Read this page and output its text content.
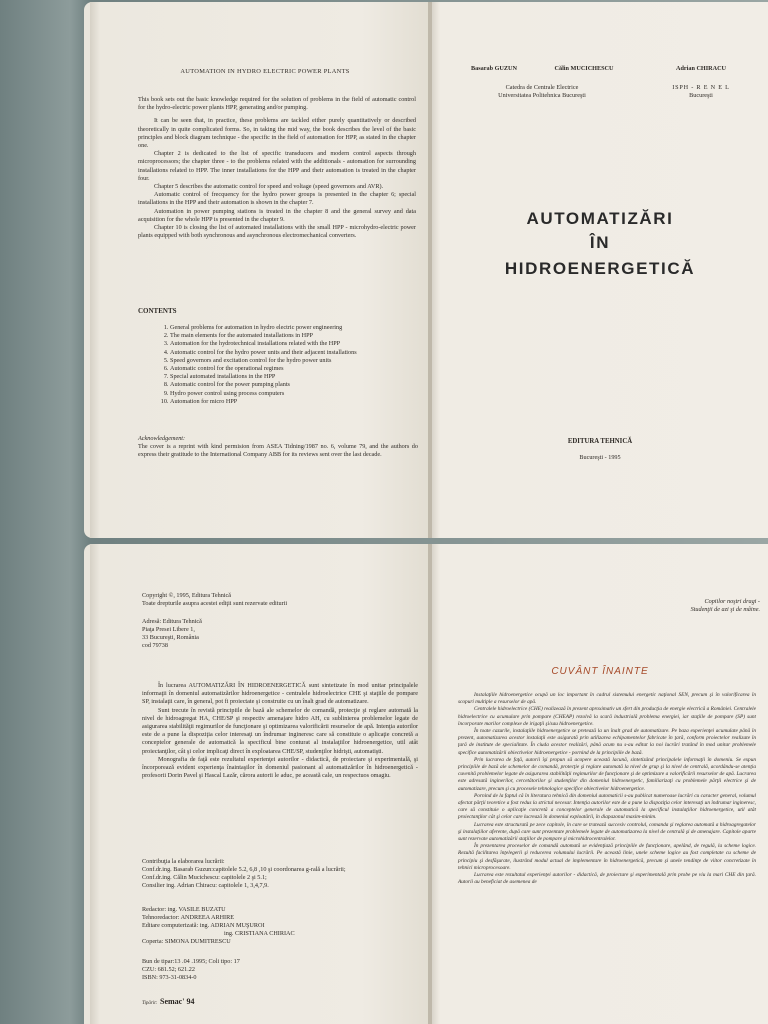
AUTOMATION IN HYDRO ELECTRIC POWER PLANTS

This book sets out the basic knowledge required for the solution of problems in the field of automatic control for the hydro-electric power plants HPP, generating and/or pumping.

It can be seen that, in practice, these problems are tackled either purely quantitatively or described theoretically in quite complicated forms. So, in taking the mid way, the book describes the level of the basic principles and block diagram technique - the specific in the field of automation for HPP, as stated in the chapter one.

Chapter 2 is dedicated to the list of specific transducers and modern control aspects through microprocessors; the chapter three - to the problems related with the additionals - automation for surrounding installations related to HPP. The inner installations for the HPP and their automation is treated in the chapter four.

Chapter 5 describes the automatic control for speed and voltage (speed governors and AVR).

Automatic control of frecquency for the hydro power groups is presented in the chapter 6; special installations in the HPP and their automation is shown in the chapter 7.

Automation in power pumping stations is treated in the chapter 8 and the general survey and data acquisition for the whole HPP is presented in the chapter 9.

Chapter 10 is closing the list of automated installations with the small HPP - microhydro-electric power plants equipped with both synchronous and asynchronous electromechanical converters.

CONTENTS
1. General problems for automation in hydro electric power engineering
2. The main elements for the automated installations in HPP
3. Automation for the hydrotechnical installations related with the HPP
4. Automatic control for the hydro power units and their adjacent installations
5. Speed governors and excitation control for the hydro power units
6. Automatic control for the operational regimes
7. Special automated installations in the HPP
8. Automatic control for the power pumping plants
9. Hydro power control using process computers
10. Automation for micro HPP
Acknowledgement:
The cover is a reprint with kind permision from ASEA Tidning/1987 no. 6, volume 79, and the authors do express their gratitude to the International Company ABB for its reviews sent over the last decade.
Basarab GUZUN	Călin MUCICHESCU	Adrian CHIRACU
Catedra de Centrale Electrice
Universitatea Politehnica Bucureşti
ISPH - R E N E L
Bucureşti
AUTOMATIZĂRI
ÎN
HIDROENERGETICĂ
EDITURA TEHNICĂ
Bucureşti - 1995
Copyright ©, 1995, Editura Tehnică
Toate drepturile asupra acestei ediţii sunt rezervate editurii
Adresă: Editura Tehnică
Piaţa Presei Libere 1,
33 Bucureşti, România
cod 79738

În lucrarea AUTOMATIZĂRI ÎN HIDROENERGETICĂ sunt sintetizate în mod unitar principalele informaţii în domeniul automatizărilor hidroenergetice - centralele hidroelectrice CHE şi staţiile de pompare SP, instalaţii care, în general, pot fi proiectate şi construite cu un înalt grad de automatizare.

Sunt trecute în revistă principiile de bază ale schemelor de comandă, protecţie şi reglare automată la nivel de hidroagregat HA, CHE/SP şi respectiv amenajare hidro AH, cu sublinierea problemelor legate de asigurarea stabilităţii regimurilor de funcţionare şi optimizarea valorificării resurselor de apă. Intenţia autorilor este de a pune la dispoziţia celor interesaţi un îndrumar ingineresc care să constituie o aplicaţie concretă a conceptelor generale de automatică la specificul bine conturat al instalaţiilor hidroenergetice, util atât proiectanţilor, cât şi celor implicaţi direct în exploatarea CHE/SP, studenţilor hidrişti, automatişti.

Monografia de faţă este rezultatul experienţei autorilor - didactică, de proiectare şi experimentală, şi încorporează evident experienţa înaintaşilor în domeniul pasionant al automatizărilor în hidroenergetică - profesorii Dorin Pavel şi Hascal Lazăr, cărora autorii le aduc, pe această cale, un respectuos omagiu.

Contribuţia la elaborarea lucrării:
Conf.dr.ing. Basarab Guzun:capitolele 5.2, 6,8 ,10 şi coordonarea g-rală a lucrării;
Conf.dr.ing. Călin Mucichescu: capitolele 2 şi 5.1;
Consilier ing. Adrian Chiracu: capitolele 1, 3,4,7,9.
Redactor: ing. VASILE BUZATU
Tehnoredactor: ANDREEA ARHIRE
Editare computerizată: ing. ADRIAN MUŞUROI
ing. CRISTIANA CHIRIAC
Coperta: SIMONA DUMITRESCU
Bun de tipar:13 .04 .1995; Coli tipo: 17
CZU: 681.52; 621.22
ISBN: 973-31-0834-0
Tipărit: Semac' 94
Copiilor noştri dragi -
Studenţii de azi şi de mâine.
CUVÂNT ÎNAINTE

Instalaţiile hidroenergetice ocupă un loc important în cadrul sistemului energetic naţional SEN, precum şi în valorificarea în scopuri multiple a resurselor de apă.

Centralele hidroelectrice (CHE) realizează în prezent aproximativ un sfert din producţia de energie electrică a României. Centralele hidroelectrice cu acumulare prin pompare (CHEAP) rezolvă la scară industrială problema energiei, iar staţiile de pompare (SP) sunt încorporate marilor complexe de irigaţii şi/sau hidroenergetice.

În toate cazurile, instalaţiile hidroenergetice se pretează la un înalt grad de automatizare. Pe baza experienţei acumulate până în prezent, automatizarea acestor instalaţii este asigurată prin utilizarea echipamentelor fabricate în ţară, conform proiectelor realizate în ţară de institute de specialitate. În ciuda acestor realizări, până acum nu s-au editat la noi lucrări tratând în mod unitar problemele specifice automatizării obiectivelor hidroenergetice - pornind de la principiile de bază.

Prin lucrarea de faţă, autorii îşi propun să acopere această lacună, sintetizând principalele informaţii în domeniu. Se expun principiile de bază ale schemelor de comandă, protecţie şi reglare automată la nivel de grup şi la nivel de centrală, acordându-se atenţia cuvenită problemelor legate de asigurarea stabilităţii regimurilor de funcţionare şi de optimizare a valorificării resurselor de apă. Lucrarea este adresată inginerilor, cercetătorilor şi studenţilor din domeniul hidroenergetic, familiarizaţi cu problemele părţii electrice şi de automatizare, precum şi cu procesele tehnologice specifice obiectivelor hidroenergetice.

Pornind de la faptul că în literatura tehnică din domeniul automaticii s-au publicat numeroase lucrări cu caracter general, volumul afectat părţii teoretice a fost redus la strictul necesar. Intenţia autorilor este de a pune la dispoziţia celor interesaţi un îndrumar ingineresc, care să constituie o aplicaţie concretă a conceptelor generale de automatică la specificul instalaţiilor hidroenergetice, util atât proiectanţilor cât şi celor care lucrează în domeniul exploatării, în diapazonul maxim-minim.

Lucrarea este structurată pe zece capitole, în care se tratează succesiv controlul, comanda şi reglarea automată a hidroagregatelor şi instalaţiilor aferente, după care sunt prezentate problemele legate de automatizarea la nivel de centrală şi de amenajare. Capitole aparte sunt rezervate automatizării staţiilor de pompare şi microhidrocentralelor.

În prezentarea proceselor de comandă automată se evidenţiază principiile de funcţionare, apelând, de regulă, la scheme logice. Rezultă facilitarea înţelegerii şi reducerea volumului lucrării. Pe această linie, unele scheme logice au fost completate cu scheme de principiu şi desfăşurate, ilustrând modul actual de implementare în hidroenergetică, precum şi unele tendinţe de viitor concretizate în tehnici microprocesoare.

Lucrarea este rezultatul experienţei autorilor - didactică, de proiectare şi experimentală prin probe pe viu la mari CHE din ţară. Autorii au beneficiat de asemenea de
